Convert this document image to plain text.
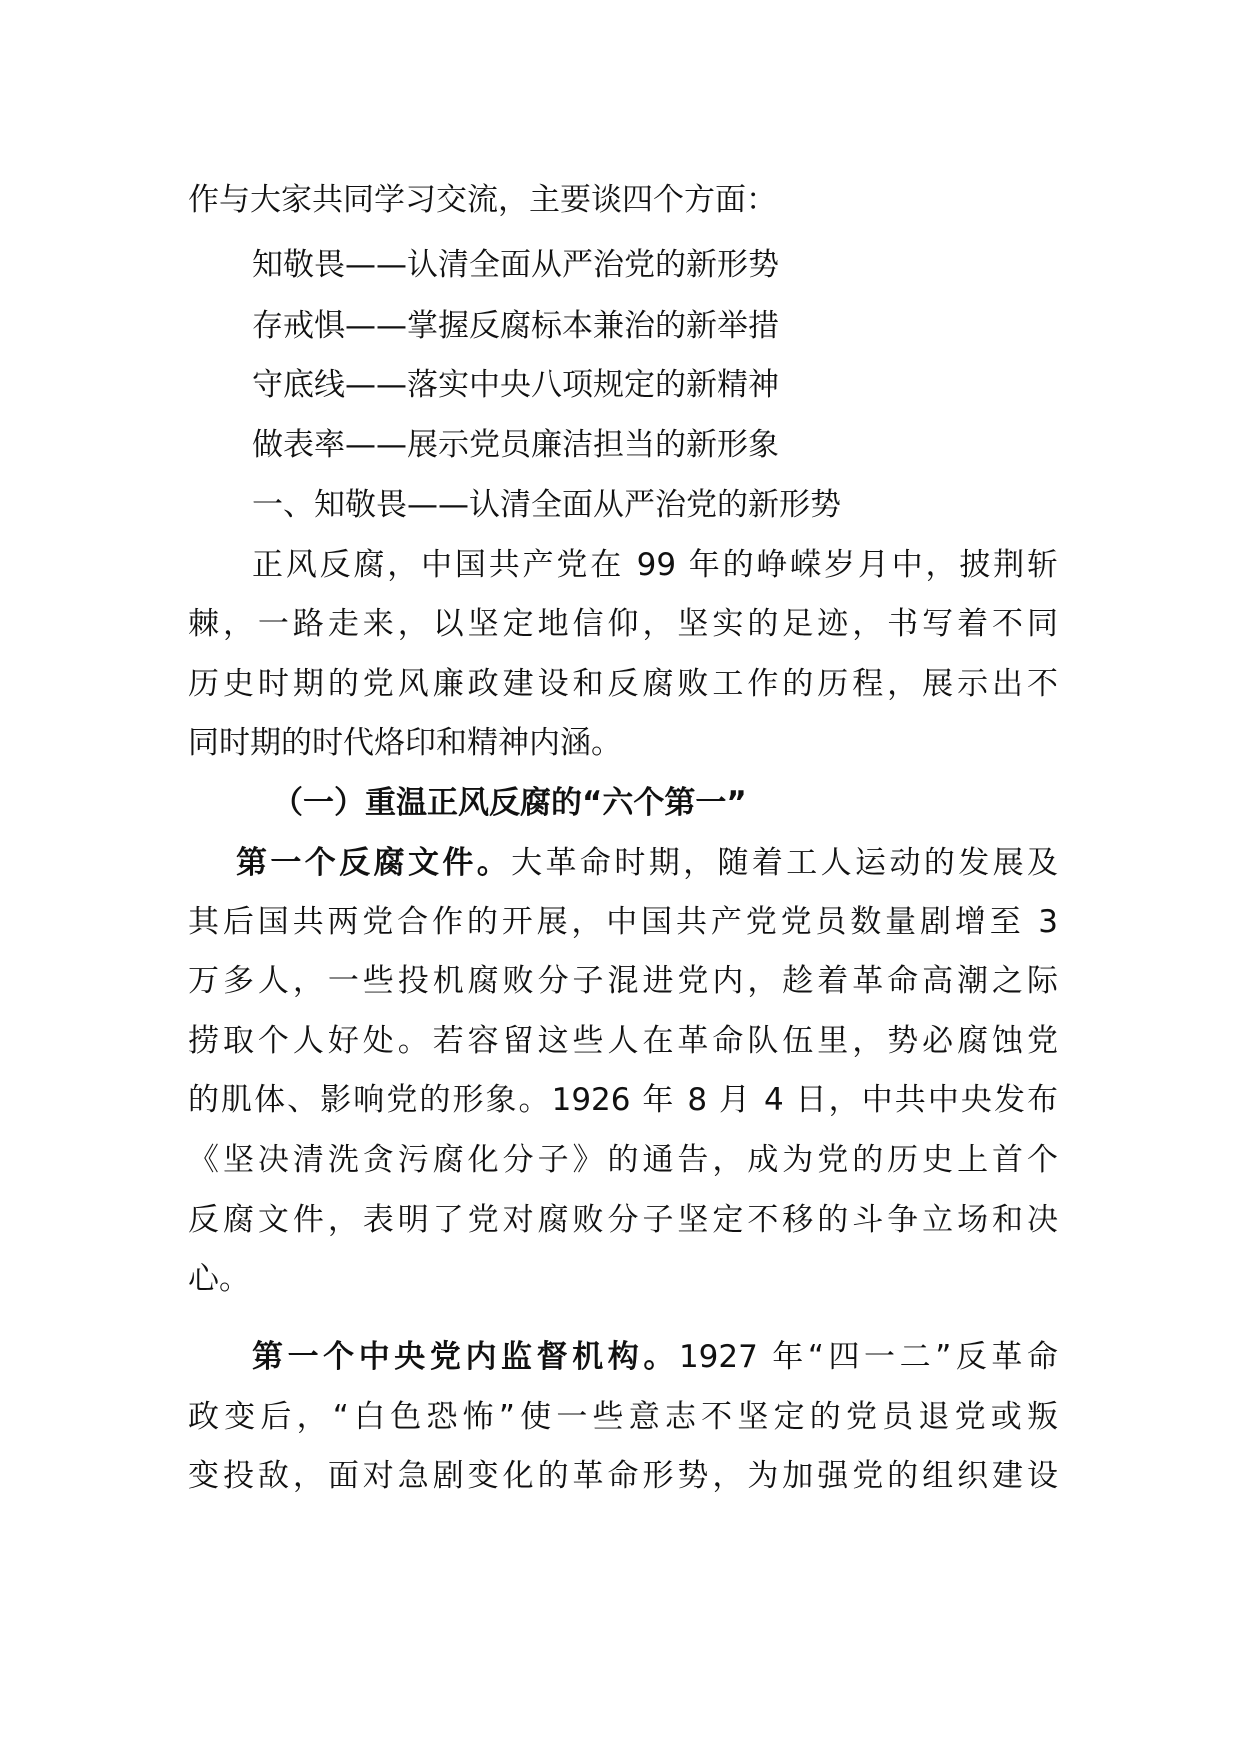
作与大家共同学习交流，主要谈四个方面：
知敬畏——认清全面从严治党的新形势
存戒惧——掌握反腐标本兼治的新举措
守底线——落实中央八项规定的新精神
做表率——展示党员廉洁担当的新形象
一、知敬畏——认清全面从严治党的新形势
正风反腐，中国共产党在 99 年的峥嵘岁月中，披荆斩
棘，一路走来，以坚定地信仰，坚实的足迹，书写着不同
历史时期的党风廉政建设和反腐败工作的历程，展示出不
同时期的时代烙印和精神内涵。
（一）重温正风反腐的“六个第一”
第一个反腐文件。大革命时期，随着工人运动的发展及
其后国共两党合作的开展，中国共产党党员数量剧增至 3
万多人，一些投机腐败分子混进党内，趁着革命高潮之际
捞取个人好处。若容留这些人在革命队伍里，势必腐蚀党
的肌体、影响党的形象。1926 年 8 月 4 日，中共中央发布
《坚决清洗贪污腐化分子》的通告，成为党的历史上首个
反腐文件，表明了党对腐败分子坚定不移的斗争立场和决
心。
第一个中央党内监督机构。1927 年“四一二”反革命
政变后，“白色恐怖”使一些意志不坚定的党员退党或叛
变投敌，面对急剧变化的革命形势，为加强党的组织建设
